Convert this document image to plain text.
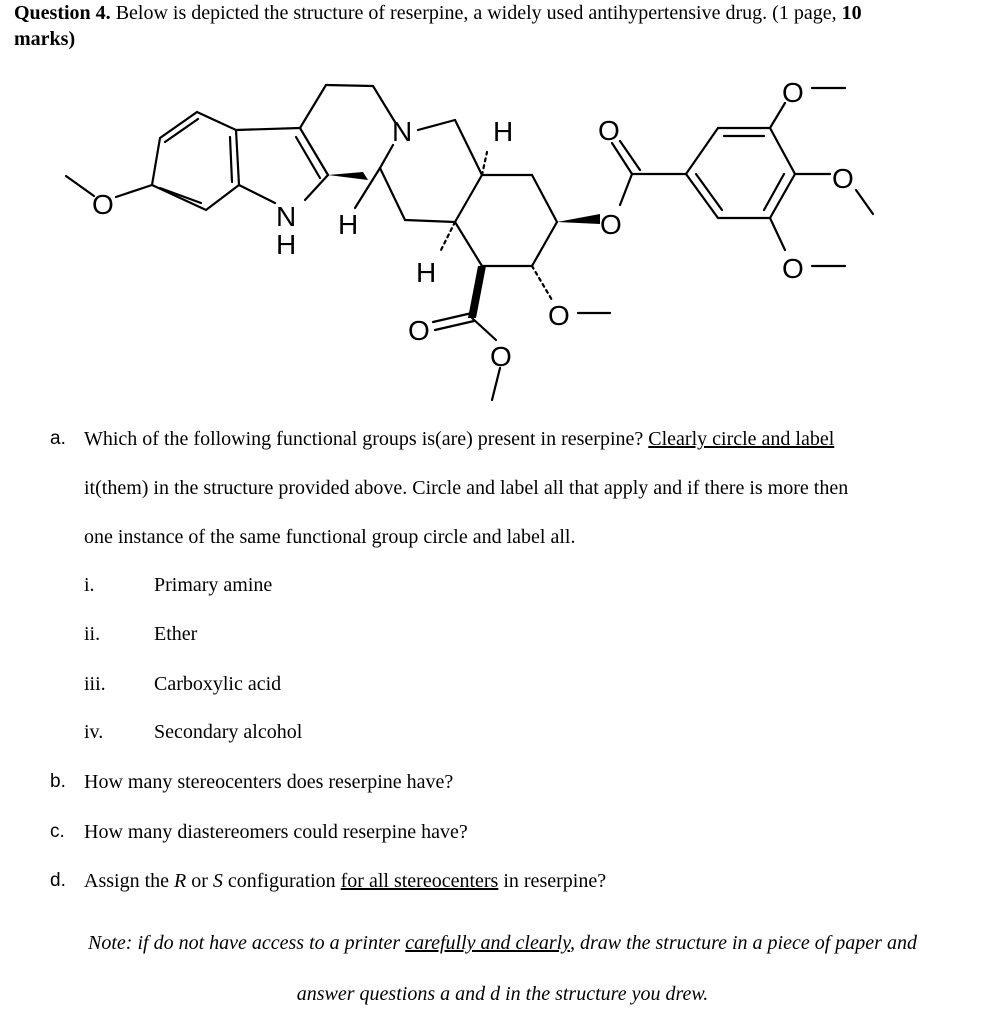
Question 4. Below is depicted the structure of reserpine, a widely used antihypertensive drug. (1 page, 10
marks)
O
N	H
N
H
H
H
O
O
O
O
O
O
O
O
a. Which of the following functional groups is(are) present in reserpine? Clearly circle and label
it(them) in the structure provided above. Circle and label all that apply and if there is more then
one instance of the same functional group circle and label all.
i.	Primary amine
ii.	Ether
iii. Carboxylic acid
iv.	Secondary alcohol
b. How many stereocenters does reserpine have?
c. How many diastereomers could reserpine have?
d. Assign the R or S configuration for all stereocenters in reserpine?
Note: if do not have access to a printer carefully and clearly, draw the structure in a piece of paper and
answer questions a and d in the structure you drew.
